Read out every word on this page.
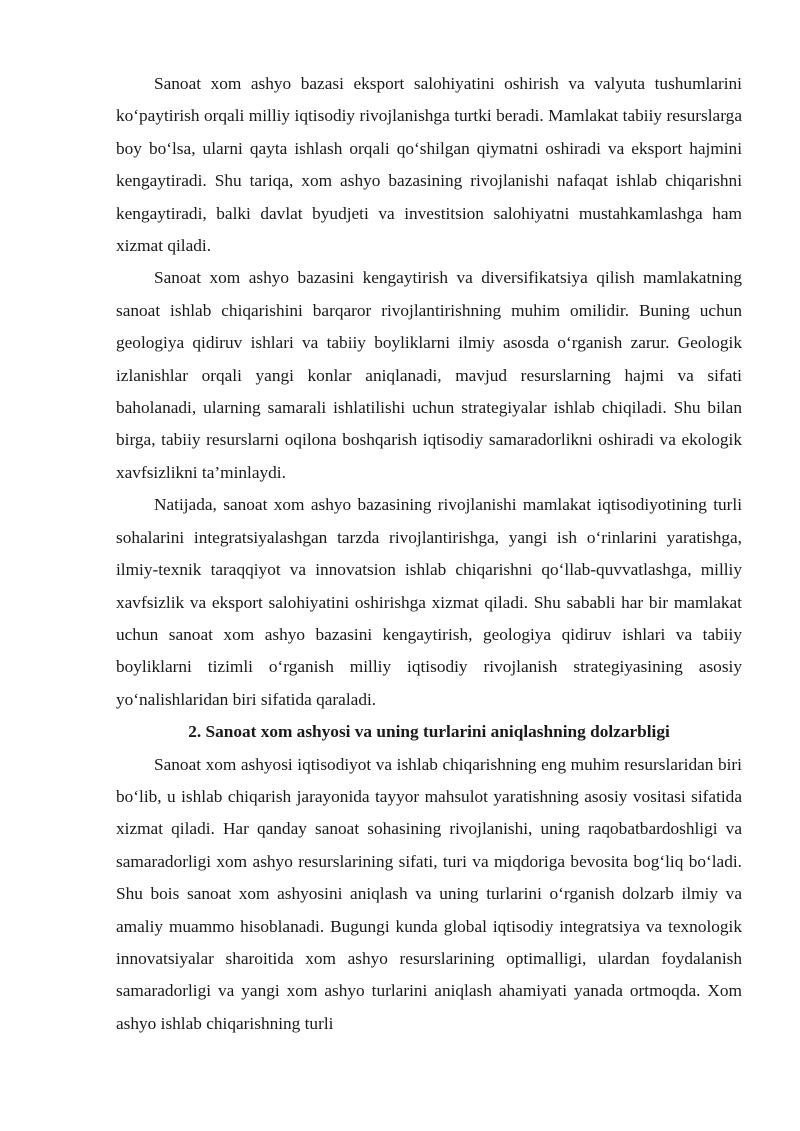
Sanoat xom ashyo bazasi eksport salohiyatini oshirish va valyuta tushumlarini ko‘paytirish orqali milliy iqtisodiy rivojlanishga turtki beradi. Mamlakat tabiiy resurslarga boy bo‘lsa, ularni qayta ishlash orqali qo‘shilgan qiymatni oshiradi va eksport hajmini kengaytiradi. Shu tariqa, xom ashyo bazasining rivojlanishi nafaqat ishlab chiqarishni kengaytiradi, balki davlat byudjeti va investitsion salohiyatni mustahkamlashga ham xizmat qiladi.

Sanoat xom ashyo bazasini kengaytirish va diversifikatsiya qilish mamlakatning sanoat ishlab chiqarishini barqaror rivojlantirishning muhim omilidir. Buning uchun geologiya qidiruv ishlari va tabiiy boyliklarni ilmiy asosda o‘rganish zarur. Geologik izlanishlar orqali yangi konlar aniqlanadi, mavjud resurslarning hajmi va sifati baholanadi, ularning samarali ishlatilishi uchun strategiyalar ishlab chiqiladi. Shu bilan birga, tabiiy resurslarni oqilona boshqarish iqtisodiy samaradorlikni oshiradi va ekologik xavfsizlikni ta’minlaydi.

Natijada, sanoat xom ashyo bazasining rivojlanishi mamlakat iqtisodiyotining turli sohalarini integratsiyalashgan tarzda rivojlantirishga, yangi ish o‘rinlarini yaratishga, ilmiy-texnik taraqqiyot va innovatsion ishlab chiqarishni qo‘llab-quvvatlashga, milliy xavfsizlik va eksport salohiyatini oshirishga xizmat qiladi. Shu sababli har bir mamlakat uchun sanoat xom ashyo bazasini kengaytirish, geologiya qidiruv ishlari va tabiiy boyliklarni tizimli o‘rganish milliy iqtisodiy rivojlanish strategiyasining asosiy yo‘nalishlaridan biri sifatida qaraladi.

2. Sanoat xom ashyosi va uning turlarini aniqlashning dolzarbligi

Sanoat xom ashyosi iqtisodiyot va ishlab chiqarishning eng muhim resurslaridan biri bo‘lib, u ishlab chiqarish jarayonida tayyor mahsulot yaratishning asosiy vositasi sifatida xizmat qiladi. Har qanday sanoat sohasining rivojlanishi, uning raqobatbardoshligi va samaradorligi xom ashyo resurslarining sifati, turi va miqdoriga bevosita bog‘liq bo‘ladi. Shu bois sanoat xom ashyosini aniqlash va uning turlarini o‘rganish dolzarb ilmiy va amaliy muammo hisoblanadi. Bugungi kunda global iqtisodiy integratsiya va texnologik innovatsiyalar sharoitida xom ashyo resurslarining optimalligi, ulardan foydalanish samaradorligi va yangi xom ashyo turlarini aniqlash ahamiyati yanada ortmoqda. Xom ashyo ishlab chiqarishning turli
